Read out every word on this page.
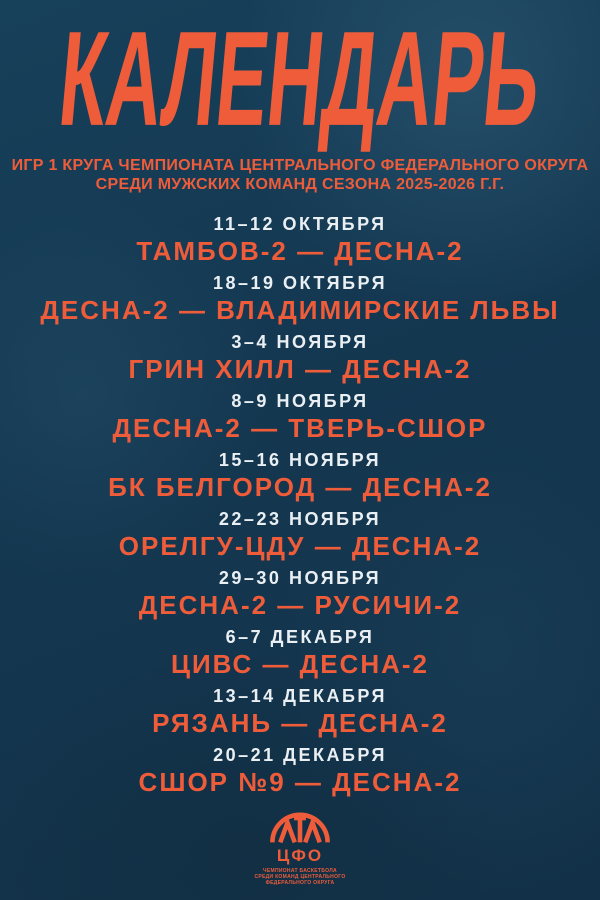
КАЛЕНДАРЬ
ИГР 1 КРУГА ЧЕМПИОНАТА ЦЕНТРАЛЬНОГО ФЕДЕРАЛЬНОГО ОКРУГА
СРЕДИ МУЖСКИХ КОМАНД СЕЗОНА 2025-2026 Г.Г.
11–12 ОКТЯБРЯ
ТАМБОВ-2 — ДЕСНА-2
18–19 ОКТЯБРЯ
ДЕСНА-2 — ВЛАДИМИРСКИЕ ЛЬВЫ
3–4 НОЯБРЯ
ГРИН ХИЛЛ — ДЕСНА-2
8–9 НОЯБРЯ
ДЕСНА-2 — ТВЕРЬ-СШОР
15–16 НОЯБРЯ
БК БЕЛГОРОД — ДЕСНА-2
22–23 НОЯБРЯ
ОРЕЛГУ-ЦДУ — ДЕСНА-2
29–30 НОЯБРЯ
ДЕСНА-2 — РУСИЧИ-2
6–7 ДЕКАБРЯ
ЦИВС — ДЕСНА-2
13–14 ДЕКАБРЯ
РЯЗАНЬ — ДЕСНА-2
20–21 ДЕКАБРЯ
СШОР №9 — ДЕСНА-2
ЦФО
ЧЕМПИОНАТ БАСКЕТБОЛА
СРЕДИ КОМАНД ЦЕНТРАЛЬНОГО
ФЕДЕРАЛЬНОГО ОКРУГА
